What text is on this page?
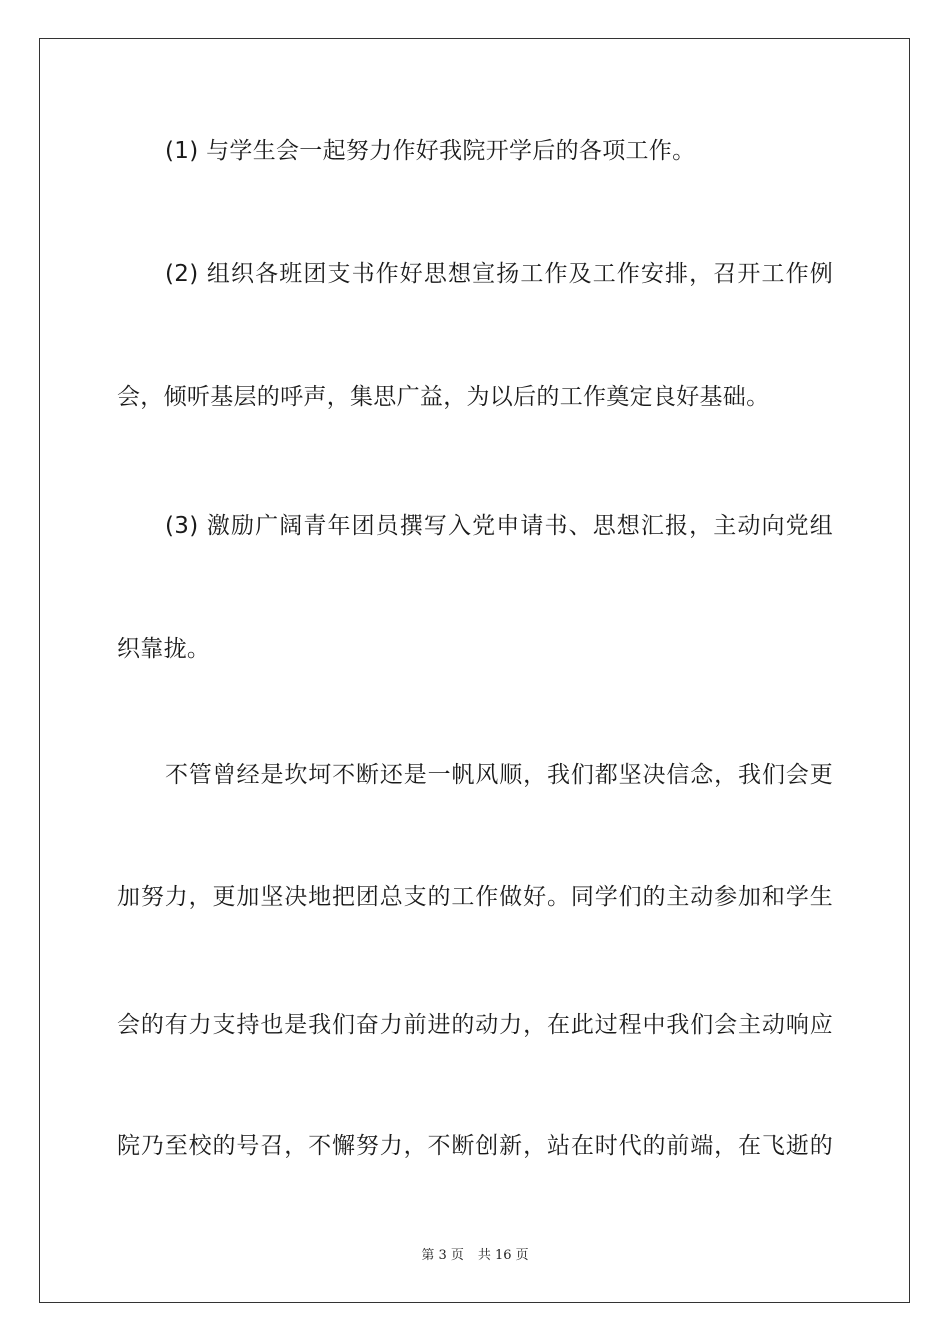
(1) 与学生会一起努力作好我院开学后的各项工作。
(2) 组织各班团支书作好思想宣扬工作及工作安排，召开工作例
会，倾听基层的呼声，集思广益，为以后的工作奠定良好基础。
(3) 激励广阔青年团员撰写入党申请书、思想汇报，主动向党组
织靠拢。
不管曾经是坎坷不断还是一帆风顺，我们都坚决信念，我们会更
加努力，更加坚决地把团总支的工作做好。同学们的主动参加和学生
会的有力支持也是我们奋力前进的动力，在此过程中我们会主动响应
院乃至校的号召，不懈努力，不断创新，站在时代的前端，在飞逝的
第 3 页 共 16 页
